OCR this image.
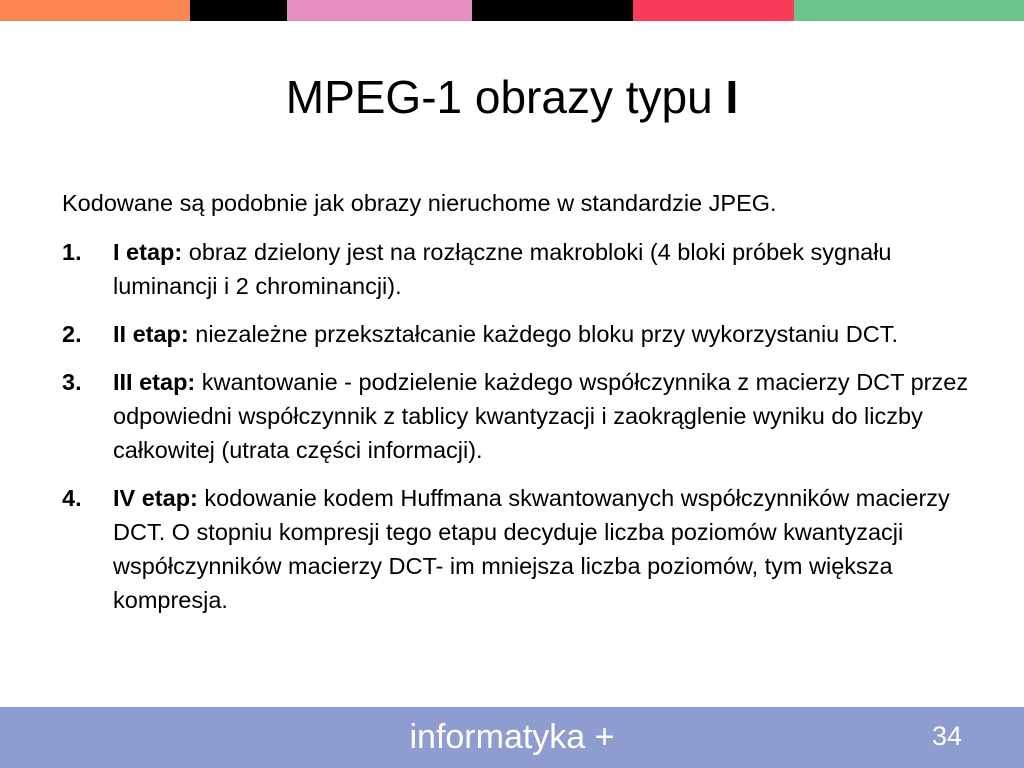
MPEG-1 obrazy typu I

Kodowane są podobnie jak obrazy nieruchome w standardzie JPEG.

1. I etap: obraz dzielony jest na rozłączne makrobloki (4 bloki próbek sygnału luminancji i 2 chrominancji).
2. II etap: niezależne przekształcanie każdego bloku przy wykorzystaniu DCT.
3. III etap: kwantowanie - podzielenie każdego współczynnika z macierzy DCT przez odpowiedni współczynnik z tablicy kwantyzacji i zaokrąglenie wyniku do liczby całkowitej (utrata części informacji).
4. IV etap: kodowanie kodem Huffmana skwantowanych współczynników macierzy DCT. O stopniu kompresji tego etapu decyduje liczba poziomów kwantyzacji współczynników macierzy DCT- im mniejsza liczba poziomów, tym większa kompresja.
informatyka +	34
